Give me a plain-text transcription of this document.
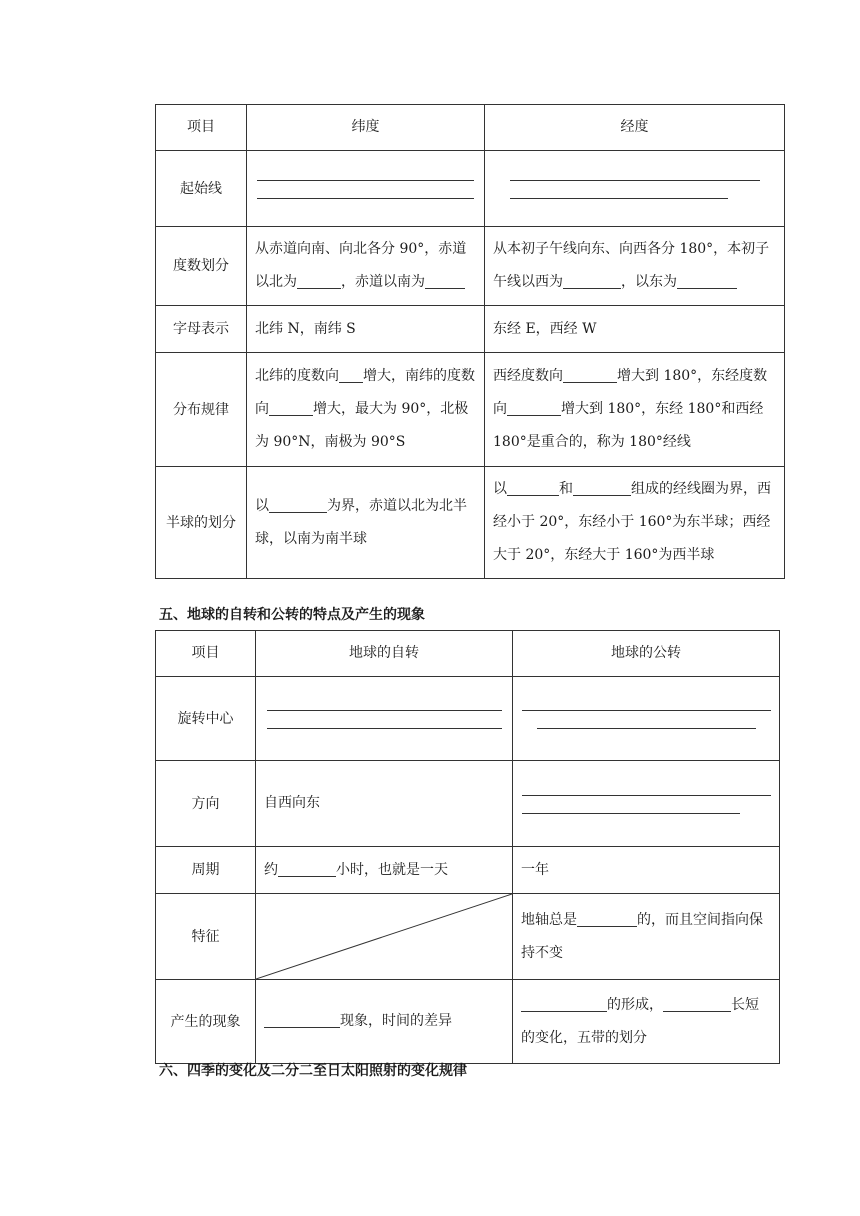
项目	纬度	经度
起始线	

度数划分	从赤道向南、向北各分 90°，赤道以北为 ，赤道以南为	从本初子午线向东、向西各分 180°，本初子午线以西为 ，以东为
字母表示	北纬 N，南纬 S	东经 E，西经 W
分布规律	北纬的度数向 增大，南纬的度数向 增大，最大为 90°，北极为 90°N，南极为 90°S	西经度数向 增大到 180°，东经度数向 增大到 180°，东经 180°和西经 180°是重合的，称为 180°经线
半球的划分	以 为界，赤道以北为北半球，以南为南半球	以 和 组成的经线圈为界，西经小于 20°，东经小于 160°为东半球；西经大于 20°，东经大于 160°为西半球
五、地球的自转和公转的特点及产生的现象
项目	地球的自转	地球的公转
旋转中心	

方向	自西向东	

周期	约 小时，也就是一天	一年
特征		地轴总是 的，而且空间指向保持不变
产生的现象	现象，时间的差异	的形成， 长短的变化，五带的划分
六、四季的变化及二分二至日太阳照射的变化规律
